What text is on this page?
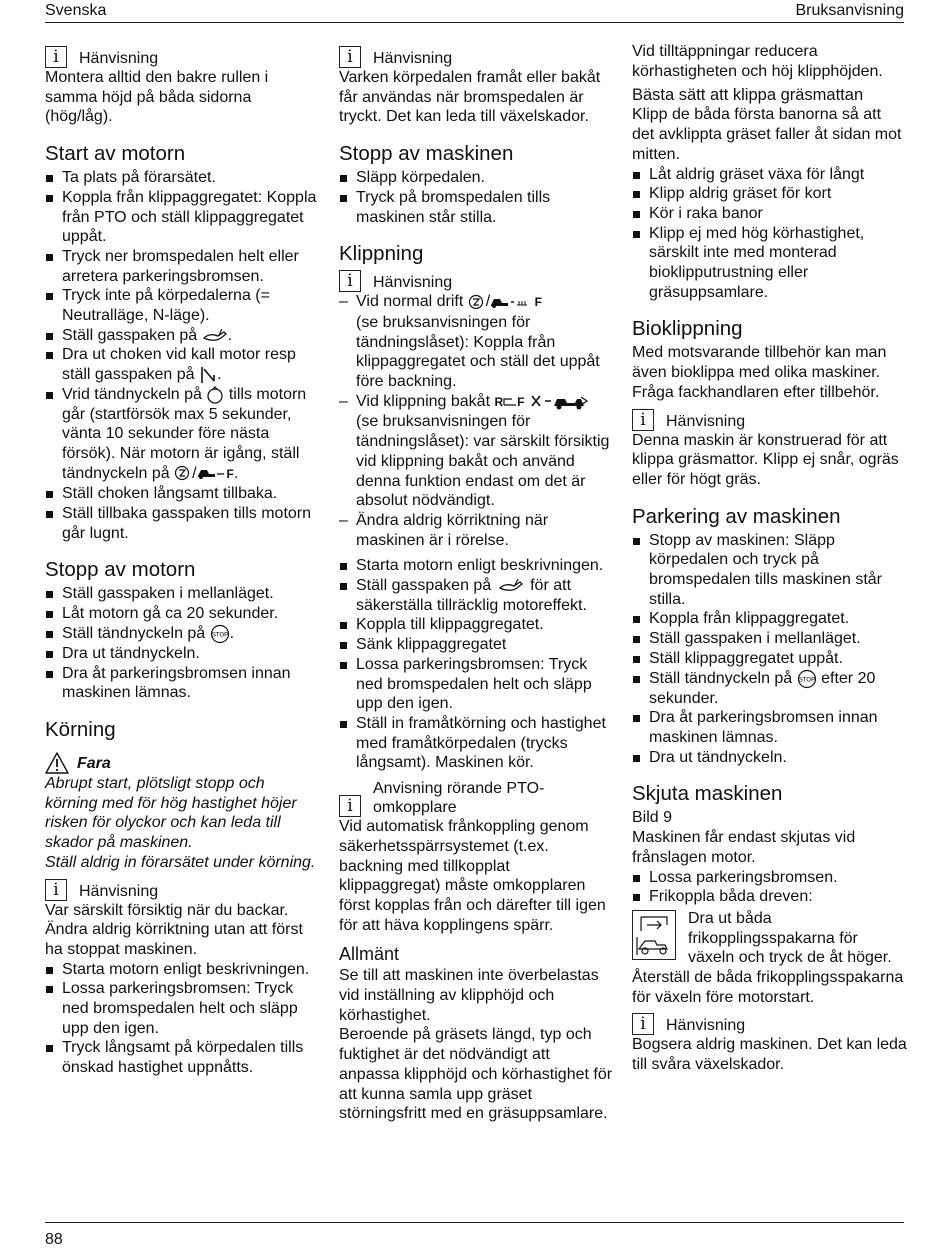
Svenska	Bruksanvisning
i	Hänvisning

Montera alltid den bakre rullen i samma höjd på båda sidorna (hög/låg).

Start av motorn
Ta plats på förarsätet.
Koppla från klippaggregatet: Koppla från PTO och ställ klippaggregatet uppåt.
Tryck ner bromspedalen helt eller arretera parkeringsbromsen.
Tryck inte på körpedalerna (= Neutralläge, N-läge).
Ställ gasspaken på .
Dra ut choken vid kall motor resp ställ gasspaken på .
Vrid tändnyckeln på tills motorn går (startförsök max 5 sekunder, vänta 10 sekunder före nästa försök). När motorn är igång, ställ tändnyckeln på /	F.
Ställ choken långsamt tillbaka.
Ställ tillbaka gasspaken tills motorn går lugnt.
Stopp av motorn
Ställ gasspaken i mellanläget.
Låt motorn gå ca 20 sekunder.
Ställ tändnyckeln på STOP .
Dra ut tändnyckeln.
Dra åt parkeringsbromsen innan maskinen lämnas.
Körning
Fara

Abrupt start, plötsligt stopp och körning med för hög hastighet höjer risken för olyckor och kan leda till skador på maskinen.

Ställ aldrig in förarsätet under körning.

i	Hänvisning

Var särskilt försiktig när du backar. Ändra aldrig körriktning utan att först ha stoppat maskinen.

Starta motorn enligt beskrivningen.
Lossa parkeringsbromsen: Tryck ned bromspedalen helt och släpp upp den igen.
Tryck långsamt på körpedalen tills önskad hastighet uppnåtts.
i	Hänvisning

Varken körpedalen framåt eller bakåt får användas när bromspedalen är tryckt. Det kan leda till växelskador.

Stopp av maskinen
Släpp körpedalen.
Tryck på bromspedalen tills maskinen står stilla.
Klippning
i	Hänvisning
– Vid normal drift /	F
(se bruksanvisningen för tändningslåset): Koppla från klippaggregatet och ställ det uppåt före backning.
– Vid klippning bakåt R F
(se bruksanvisningen för tändningslåset): var särskilt försiktig vid klippning bakåt och använd denna funktion endast om det är absolut nödvändigt.
– Ändra aldrig körriktning när maskinen är i rörelse.
Starta motorn enligt beskrivningen.
Ställ gasspaken på för att säkerställa tillräcklig motoreffekt.
Koppla till klippaggregatet.
Sänk klippaggregatet
Lossa parkeringsbromsen: Tryck ned bromspedalen helt och släpp upp den igen.
Ställ in framåtkörning och hastighet med framåtkörpedalen (trycks långsamt). Maskinen kör.
i
Anvisning rörande PTO-omkopplare

Vid automatisk frånkoppling genom säkerhetsspärrsystemet (t.ex. backning med tillkopplat klippaggregat) måste omkopplaren först kopplas från och därefter till igen för att häva kopplingens spärr.

Allmänt

Se till att maskinen inte överbelastas vid inställning av klipphöjd och körhastighet.

Beroende på gräsets längd, typ och fuktighet är det nödvändigt att anpassa klipphöjd och körhastighet för att kunna samla upp gräset störningsfritt med en gräsuppsamlare.

Vid tilltäppningar reducera körhastigheten och höj klipphöjden.

Bästa sätt att klippa gräsmattan

Klipp de båda första banorna så att det avklippta gräset faller åt sidan mot mitten.

Låt aldrig gräset växa för långt
Klipp aldrig gräset för kort
Kör i raka banor
Klipp ej med hög körhastighet, särskilt inte med monterad bioklipputrustning eller gräsuppsamlare.
Bioklippning

Med motsvarande tillbehör kan man även bioklippa med olika maskiner. Fråga fackhandlaren efter tillbehör.

i	Hänvisning

Denna maskin är konstruerad för att klippa gräsmattor. Klipp ej snår, ogräs eller för högt gräs.

Parkering av maskinen
Stopp av maskinen: Släpp körpedalen och tryck på bromspedalen tills maskinen står stilla.
Koppla från klippaggregatet.
Ställ gasspaken i mellanläget.
Ställ klippaggregatet uppåt.
Ställ tändnyckeln på STOP efter 20 sekunder.
Dra åt parkeringsbromsen innan maskinen lämnas.
Dra ut tändnyckeln.
Skjuta maskinen

Bild 9

Maskinen får endast skjutas vid frånslagen motor.

Lossa parkeringsbromsen.
Frikoppla båda dreven:

Dra ut båda frikopplingsspakarna för växeln och tryck de åt höger.

Återställ de båda frikopplingsspakarna för växeln före motorstart.

i	Hänvisning

Bogsera aldrig maskinen. Det kan leda till svåra växelskador.

88
